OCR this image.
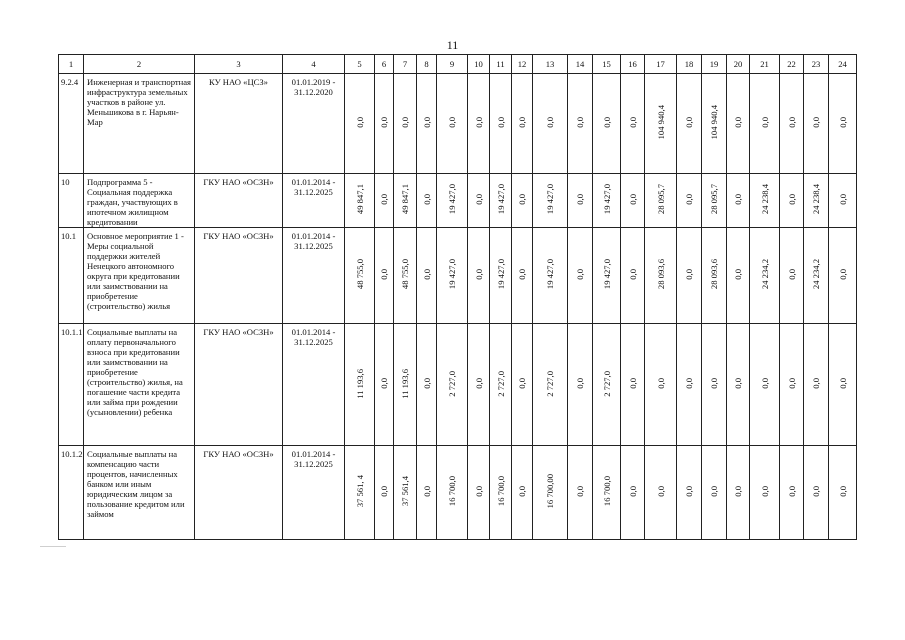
11
1	2	3	4	5	6	7	8	9	10	11	12	13	14	15	16	17	18	19	20	21	22	23	24
9.2.4	Инженерная и транспортная инфраструктура земельных участков в районе ул. Меньшикова в г. Нарьян-Мар	КУ НАО «ЦСЗ»	01.01.2019 - 31.12.2020	0,0	0,0	0,0	0,0	0,0	0,0	0,0	0,0	0,0	0,0	0,0	0,0	104 940,4	0,0	104 940,4	0,0	0,0	0,0	0,0	0,0
10	Подпрограмма 5 - Социальная поддержка граждан, участвующих в ипотечном жилищном кредитовании	ГКУ НАО «ОСЗН»	01.01.2014 - 31.12.2025	49 847,1	0,0	49 847,1	0,0	19 427,0	0,0	19 427,0	0,0	19 427,0	0,0	19 427,0	0,0	28 095,7	0,0	28 095,7	0,0	24 238,4	0,0	24 238,4	0,0
10.1	Основное мероприятие 1 - Меры социальной поддержки жителей Ненецкого автономного округа при кредитовании или заимствовании на приобретение (строительство) жилья	ГКУ НАО «ОСЗН»	01.01.2014 - 31.12.2025	48 755,0	0,0	48 755,0	0,0	19 427,0	0,0	19 427,0	0,0	19 427,0	0,0	19 427,0	0,0	28 093,6	0,0	28 093,6	0,0	24 234,2	0,0	24 234,2	0,0
10.1.1	Социальные выплаты на оплату первоначального взноса при кредитовании или заимствовании на приобретение (строительство) жилья, на погашение части кредита или займа при рождении (усыновлении) ребенка	ГКУ НАО «ОСЗН»	01.01.2014 - 31.12.2025	11 193,6	0,0	11 193,6	0,0	2 727,0	0,0	2 727,0	0,0	2 727,0	0,0	2 727,0	0,0	0,0	0,0	0,0	0,0	0,0	0,0	0,0	0,0
10.1.2	Социальные выплаты на компенсацию части процентов, начисленных банком или иным юридическим лицом за пользование кредитом или займом	ГКУ НАО «ОСЗН»	01.01.2014 - 31.12.2025	37 561, 4	0,0	37 561,4	0,0	16 700,0	0,0	16 700,0	0,0	16 700,00	0,0	16 700,0	0,0	0,0	0,0	0,0	0,0	0,0	0,0	0,0	0,0
